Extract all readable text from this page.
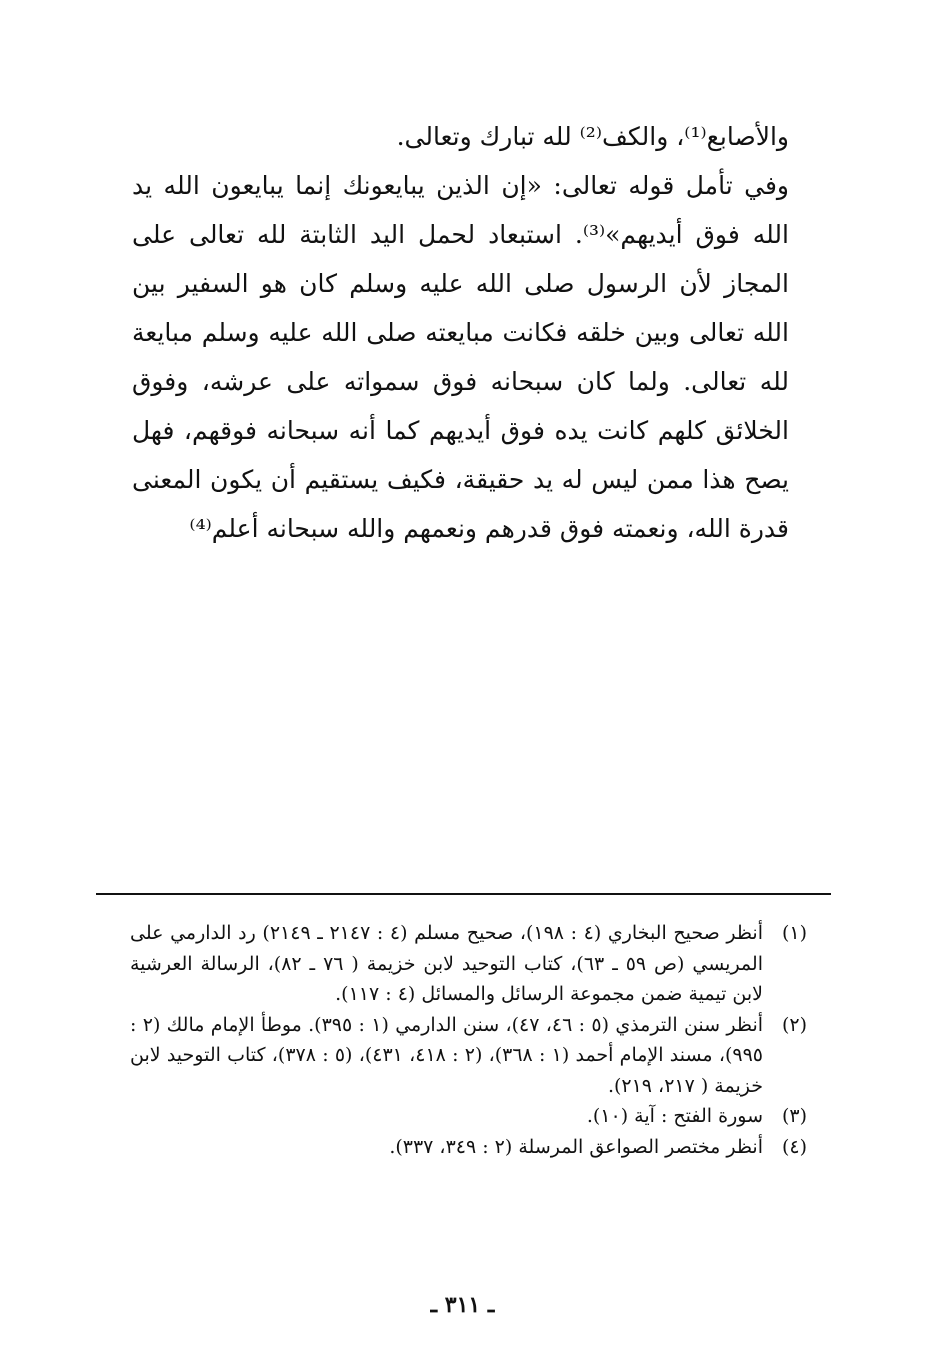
والأصابع⁽¹⁾، والكف⁽²⁾ لله تبارك وتعالى.

وفي تأمل قوله تعالى: «إن الذين يبايعونك إنما يبايعون الله يد الله فوق أيديهم»⁽³⁾. استبعاد لحمل اليد الثابتة لله تعالى على المجاز لأن الرسول صلى الله عليه وسلم كان هو السفير بين الله تعالى وبين خلقه فكانت مبايعته صلى الله عليه وسلم مبايعة لله تعالى. ولما كان سبحانه فوق سمواته على عرشه، وفوق الخلائق كلهم كانت يده فوق أيديهم كما أنه سبحانه فوقهم، فهل يصح هذا ممن ليس له يد حقيقة، فكيف يستقيم أن يكون المعنى قدرة الله، ونعمته فوق قدرهم ونعمهم والله سبحانه أعلم⁽⁴⁾

(١)
أنظر صحيح البخاري (٤ : ١٩٨)، صحيح مسلم (٤ : ٢١٤٧ ـ ٢١٤٩) رد الدارمي على المريسي (ص ٥٩ ـ ٦٣)، كتاب التوحيد لابن خزيمة ( ٧٦ ـ ٨٢)، الرسالة العرشية لابن تيمية ضمن مجموعة الرسائل والمسائل (٤ : ١١٧).
(٢)
أنظر سنن الترمذي (٥ : ٤٦، ٤٧)، سنن الدارمي (١ : ٣٩٥). موطأ الإمام مالك (٢ : ٩٩٥)، مسند الإمام أحمد (١ : ٣٦٨)، (٢ : ٤١٨، ٤٣١)، (٥ : ٣٧٨)، كتاب التوحيد لابن خزيمة ( ٢١٧، ٢١٩).
(٣)
سورة الفتح : آية (١٠).
(٤)
أنظر مختصر الصواعق المرسلة (٢ : ٣٤٩، ٣٣٧).
ـ ٣١١ ـ
